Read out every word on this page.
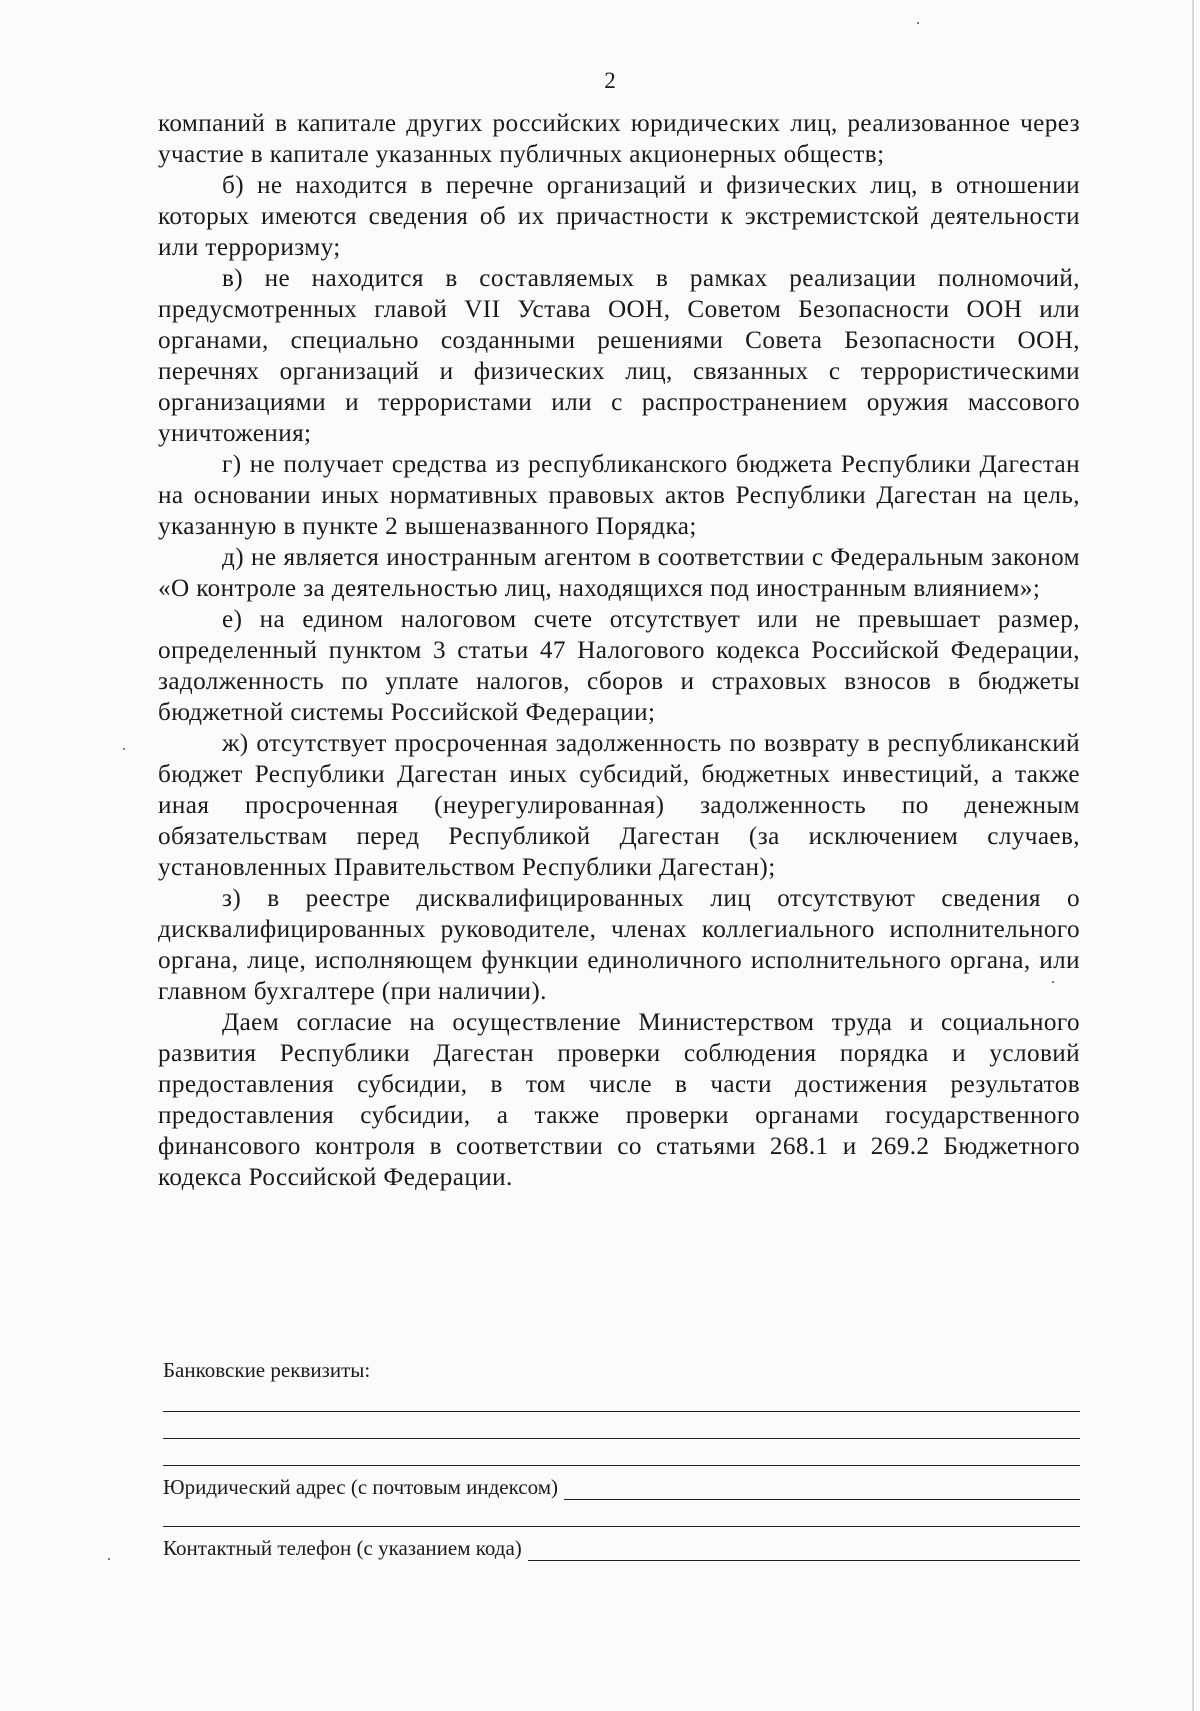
2

компаний в капитале других российских юридических лиц, реализованное через участие в капитале указанных публичных акционерных обществ;

б) не находится в перечне организаций и физических лиц, в отношении которых имеются сведения об их причастности к экстремистской деятельности или терроризму;

в) не находится в составляемых в рамках реализации полномочий, предусмотренных главой VII Устава ООН, Советом Безопасности ООН или органами, специально созданными решениями Совета Безопасности ООН, перечнях организаций и физических лиц, связанных с террористическими организациями и террористами или с распространением оружия массового уничтожения;

г) не получает средства из республиканского бюджета Республики Дагестан на основании иных нормативных правовых актов Республики Дагестан на цель, указанную в пункте 2 вышеназванного Порядка;

д) не является иностранным агентом в соответствии с Федеральным законом «О контроле за деятельностью лиц, находящихся под иностранным влиянием»;

е) на едином налоговом счете отсутствует или не превышает размер, определенный пунктом 3 статьи 47 Налогового кодекса Российской Федерации, задолженность по уплате налогов, сборов и страховых взносов в бюджеты бюджетной системы Российской Федерации;

ж) отсутствует просроченная задолженность по возврату в республиканский бюджет Республики Дагестан иных субсидий, бюджетных инвестиций, а также иная просроченная (неурегулированная) задолженность по денежным обязательствам перед Республикой Дагестан (за исключением случаев, установленных Правительством Республики Дагестан);

з) в реестре дисквалифицированных лиц отсутствуют сведения о дисквалифицированных руководителе, членах коллегиального исполнительного органа, лице, исполняющем функции единоличного исполнительного органа, или главном бухгалтере (при наличии).

Даем согласие на осуществление Министерством труда и социального развития Республики Дагестан проверки соблюдения порядка и условий предоставления субсидии, в том числе в части достижения результатов предоставления субсидии, а также проверки органами государственного финансового контроля в соответствии со статьями 268.1 и 269.2 Бюджетного кодекса Российской Федерации.

Банковские реквизиты:
Юридический адрес (с почтовым индексом)
Контактный телефон (с указанием кода)
